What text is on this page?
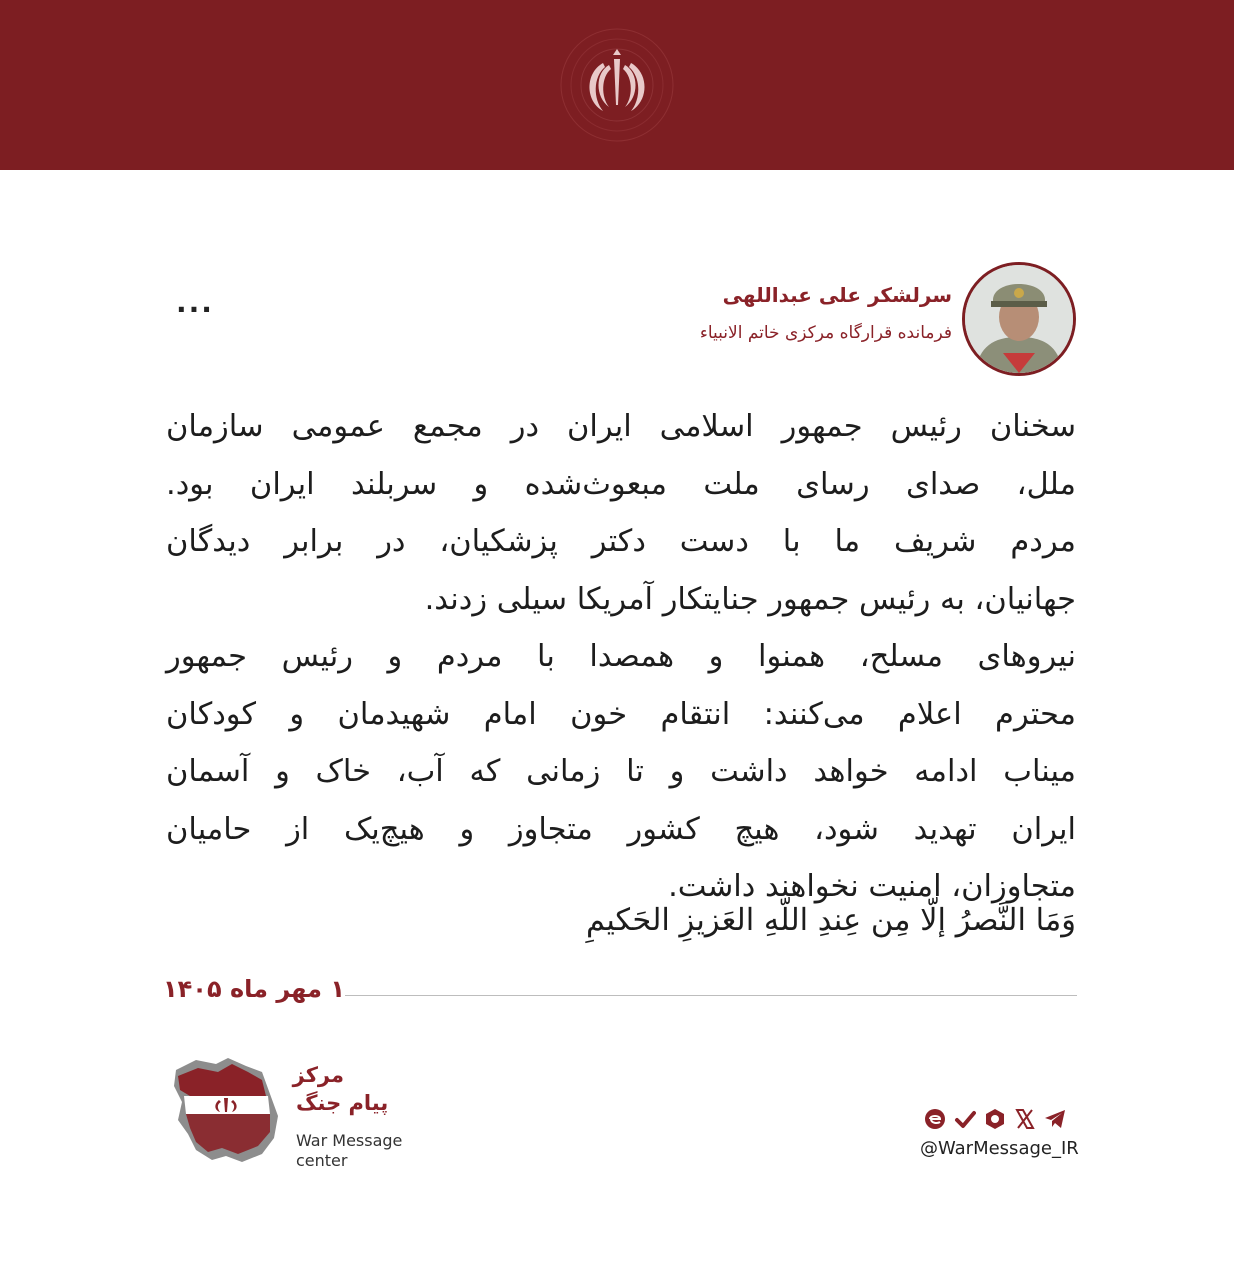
سرلشکر علی عبداللهی
فرمانده قرارگاه مرکزی خاتم الانبیاء
...
سخنان رئیس جمهور اسلامی ایران در مجمع عمومی سازمان
ملل، صدای رسای ملت مبعوث‌شده و سربلند ایران بود.
مردم شریف ما با دست دکتر پزشکیان، در برابر دیدگان
جهانیان، به رئیس جمهور جنایتکار آمریکا سیلی زدند.
نیروهای مسلح، همنوا و همصدا با مردم و رئیس جمهور
محترم اعلام می‌کنند: انتقام خون امام شهیدمان و کودکان
میناب ادامه خواهد داشت و تا زمانی که آب، خاک و آسمان
ایران تهدید شود، هیچ کشور متجاوز و هیچ‌یک از حامیان
متجاوزان، امنیت نخواهند داشت.
وَمَا النَّصرُ إلّا مِن عِندِ اللّهِ العَزیزِ الحَکیمِ
۱ مهر ماه ۱۴۰۵
مرکز
پیام جنگ
War Message
center
@WarMessage_IR
